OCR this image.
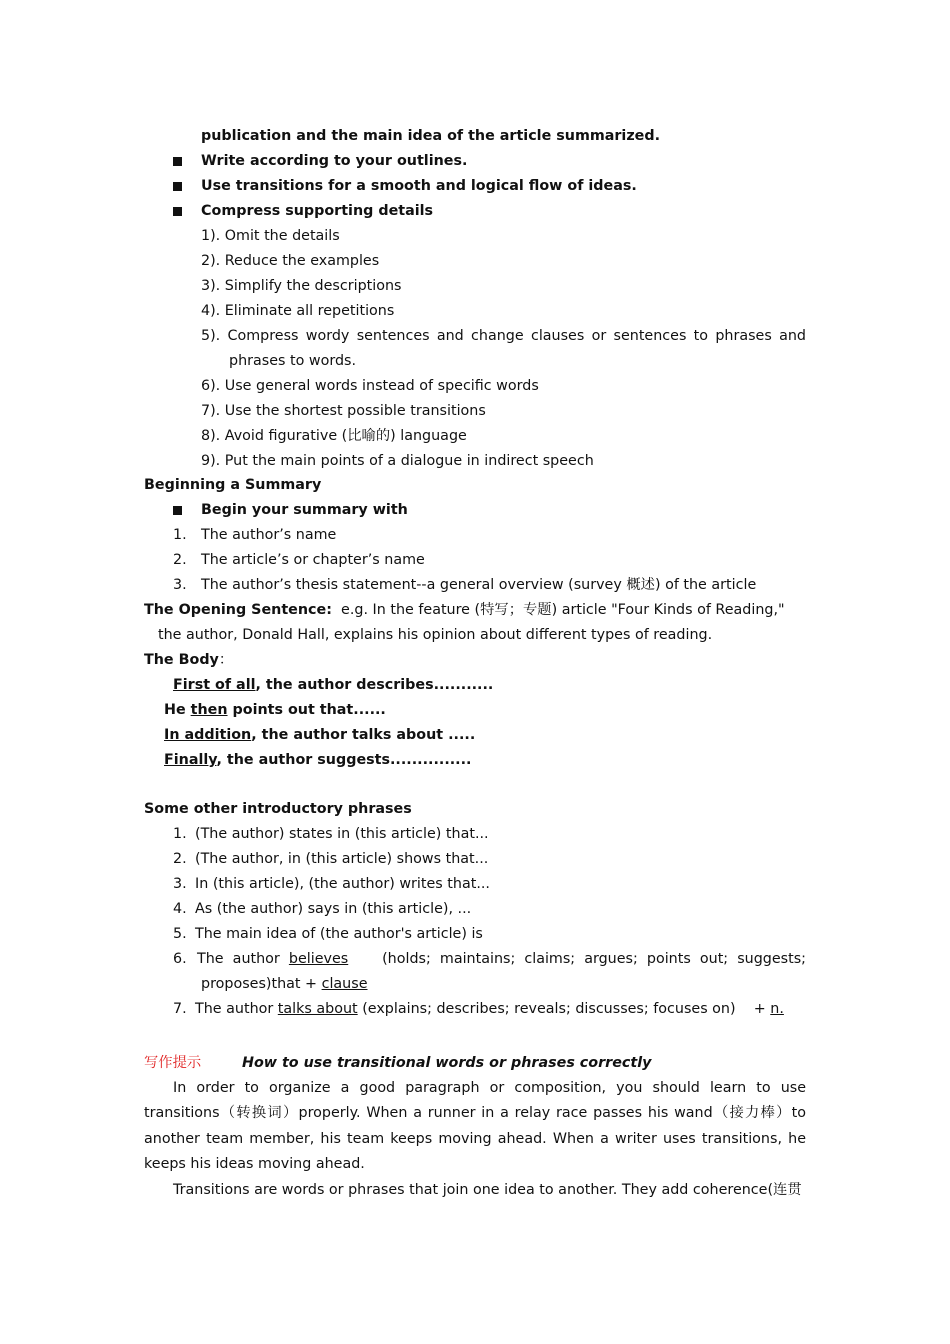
publication and the main idea of the article summarized.
Write according to your outlines.
Use transitions for a smooth and logical flow of ideas.
Compress supporting details
1). Omit the details
2). Reduce the examples
3). Simplify the descriptions
4). Eliminate all repetitions
5). Compress wordy sentences and change clauses or sentences to phrases and
phrases to words.
6). Use general words instead of specific words
7). Use the shortest possible transitions
8). Avoid figurative (比喻的) language
9). Put the main points of a dialogue in indirect speech
Beginning a Summary
Begin your summary with
1. The author’s name
2. The article’s or chapter’s name
3. The author’s thesis statement--a general overview (survey 概述) of the article
The Opening Sentence: e.g. In the feature (特写；专题) article "Four Kinds of Reading,"
the author, Donald Hall, explains his opinion about different types of reading.
The Body：
First of all, the author describes...........
He then points out that......
In addition, the author talks about .....
Finally, the author suggests...............
Some other introductory phrases
1. (The author) states in (this article) that...
2. (The author, in (this article) shows that...
3. In (this article), (the author) writes that...
4. As (the author) says in (this article), ...
5. The main idea of (the author's article) is
6. The  author  believes (holds;  maintains;  claims;  argues;  points  out;  suggests;
proposes)that + clause
7. The author talks about (explains; describes; reveals; discusses; focuses on)    + n.
写作提示	How to use transitional words or phrases correctly
In order to organize a good paragraph or composition, you should learn to use
transitions（转换词）properly. When a runner in a relay race passes his wand（接力棒）to
another team member, his team keeps moving ahead. When a writer uses transitions, he
keeps his ideas moving ahead.
Transitions are words or phrases that join one idea to another. They add coherence(连贯
